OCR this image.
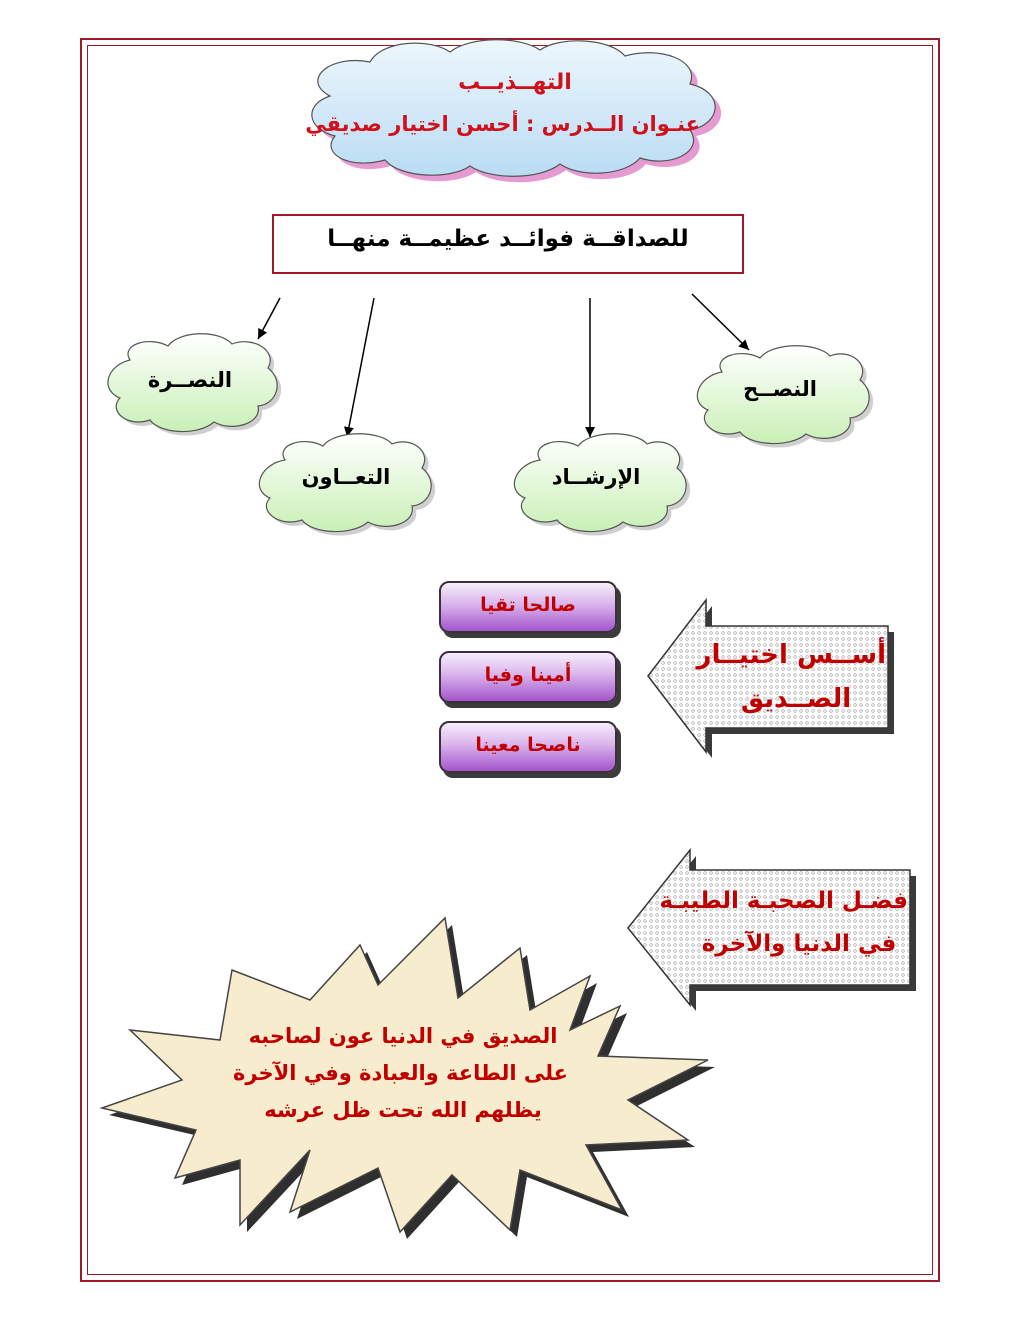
التهــذيــب
عنـوان الــدرس : أحسن اختيار صديقي
للصداقــة فوائــد عظيمــة منهــا
النصــرة
التعــاون	الإرشــاد
النصــح
صالحا تقيا
أمينا وفيا
ناصحا معينا
أســس اختيــار
الصــديق
فضـل الصحبـة الطيبـة
في الدنيا والآخرة
الصديق في الدنيا عون لصاحبه
على الطاعة والعبادة وفي الآخرة
يظلهم الله تحت ظل عرشه
